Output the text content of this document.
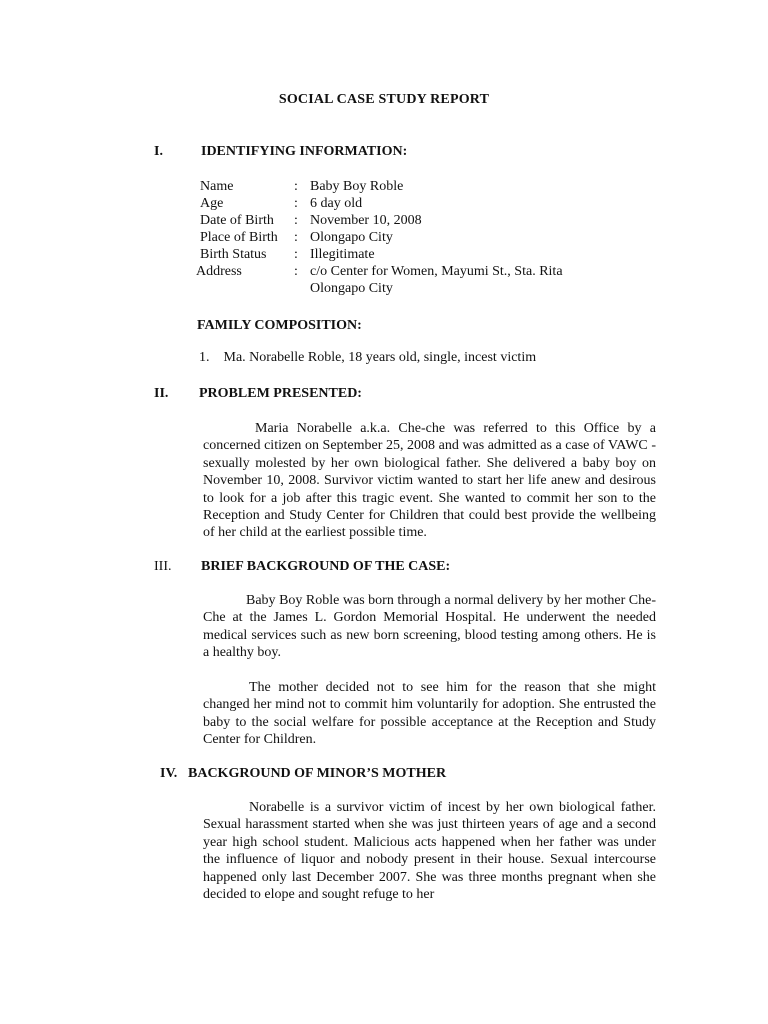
SOCIAL CASE STUDY REPORT
I.	IDENTIFYING INFORMATION:
Name	: Baby Boy Roble
Age	: 6 day old
Date of Birth	: November 10, 2008
Place of Birth	: Olongapo City
Birth Status	: Illegitimate
Address	: c/o Center for Women, Mayumi St., Sta. Rita
Olongapo City
FAMILY COMPOSITION:
1.    Ma. Norabelle Roble, 18 years old, single, incest victim
II. PROBLEM PRESENTED:
Maria Norabelle a.k.a. Che-che was referred to this Office by a concerned citizen on September 25, 2008 and was admitted as a case of VAWC - sexually molested by her own biological father. She delivered a baby boy on November 10, 2008. Survivor victim wanted to start her life anew and desirous to look for a job after this tragic event. She wanted to commit her son to the Reception and Study Center for Children that could best provide the wellbeing of her child at the earliest possible time.
III. BRIEF BACKGROUND OF THE CASE:
Baby Boy Roble was born through a normal delivery by her mother Che-Che at the James L. Gordon Memorial Hospital. He underwent the needed medical services such as new born screening, blood testing among others. He is a healthy boy.
The mother decided not to see him for the reason that she might changed her mind not to commit him voluntarily for adoption. She entrusted the baby to the social welfare for possible acceptance at the Reception and Study Center for Children.
IV. BACKGROUND OF MINOR’S MOTHER
Norabelle is a survivor victim of incest by her own biological father. Sexual harassment started when she was just thirteen years of age and a second year high school student. Malicious acts happened when her father was under the influence of liquor and nobody present in their house. Sexual intercourse happened only last December 2007. She was three months pregnant when she decided to elope and sought refuge to her
